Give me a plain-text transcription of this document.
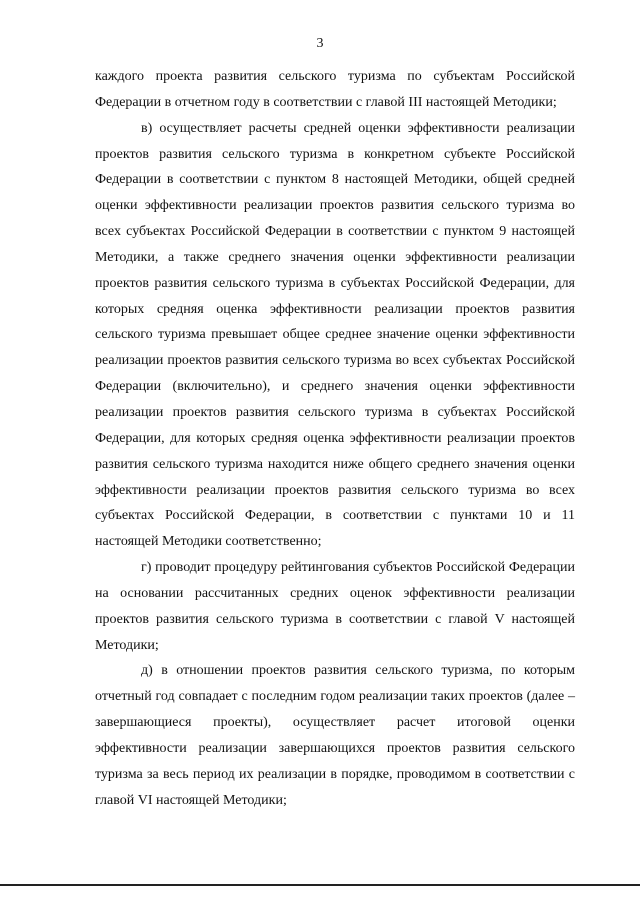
3

каждого проекта развития сельского туризма по субъектам Российской Федерации в отчетном году в соответствии с главой III настоящей Методики;

в) осуществляет расчеты средней оценки эффективности реализации проектов развития сельского туризма в конкретном субъекте Российской Федерации в соответствии с пунктом 8 настоящей Методики, общей средней оценки эффективности реализации проектов развития сельского туризма во всех субъектах Российской Федерации в соответствии с пунктом 9 настоящей Методики, а также среднего значения оценки эффективности реализации проектов развития сельского туризма в субъектах Российской Федерации, для которых средняя оценка эффективности реализации проектов развития сельского туризма превышает общее среднее значение оценки эффективности реализации проектов развития сельского туризма во всех субъектах Российской Федерации (включительно), и среднего значения оценки эффективности реализации проектов развития сельского туризма в субъектах Российской Федерации, для которых средняя оценка эффективности реализации проектов развития сельского туризма находится ниже общего среднего значения оценки эффективности реализации проектов развития сельского туризма во всех субъектах Российской Федерации, в соответствии с пунктами 10 и 11 настоящей Методики соответственно;

г) проводит процедуру рейтингования субъектов Российской Федерации на основании рассчитанных средних оценок эффективности реализации проектов развития сельского туризма в соответствии с главой V настоящей Методики;

д) в отношении проектов развития сельского туризма, по которым отчетный год совпадает с последним годом реализации таких проектов (далее – завершающиеся проекты), осуществляет расчет итоговой оценки эффективности реализации завершающихся проектов развития сельского туризма за весь период их реализации в порядке, проводимом в соответствии с главой VI настоящей Методики;
